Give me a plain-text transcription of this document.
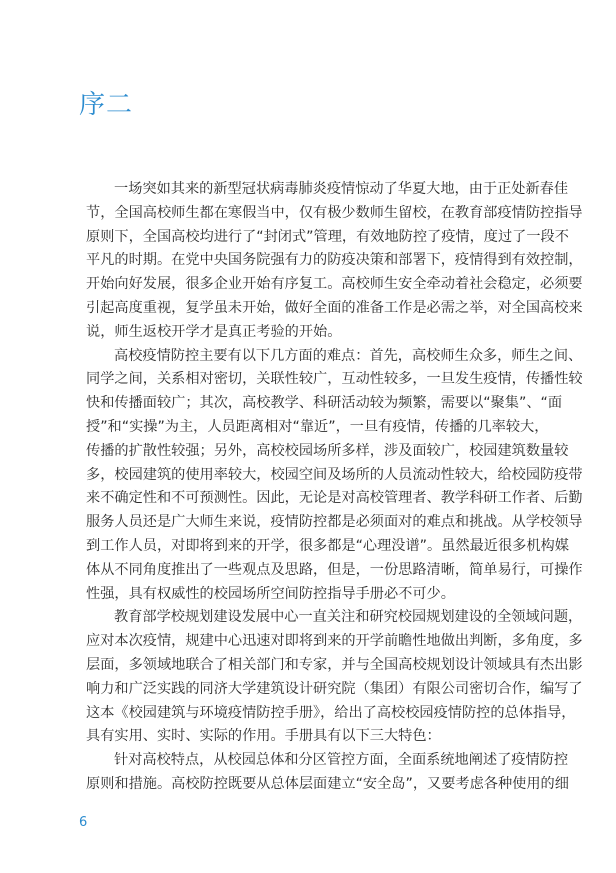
序二
一场突如其来的新型冠状病毒肺炎疫情惊动了华夏大地，由于正处新春佳
节，全国高校师生都在寒假当中，仅有极少数师生留校，在教育部疫情防控指导
原则下，全国高校均进行了“封闭式”管理，有效地防控了疫情，度过了一段不
平凡的时期。在党中央国务院强有力的防疫决策和部署下，疫情得到有效控制，
开始向好发展，很多企业开始有序复工。高校师生安全牵动着社会稳定，必须要
引起高度重视，复学虽未开始，做好全面的准备工作是必需之举，对全国高校来
说，师生返校开学才是真正考验的开始。
高校疫情防控主要有以下几方面的难点：首先，高校师生众多，师生之间、
同学之间，关系相对密切，关联性较广，互动性较多，一旦发生疫情，传播性较
快和传播面较广；其次，高校教学、科研活动较为频繁，需要以“聚集”、“面
授”和“实操”为主，人员距离相对“靠近”，一旦有疫情，传播的几率较大，
传播的扩散性较强；另外，高校校园场所多样，涉及面较广，校园建筑数量较
多，校园建筑的使用率较大，校园空间及场所的人员流动性较大，给校园防疫带
来不确定性和不可预测性。因此，无论是对高校管理者、教学科研工作者、后勤
服务人员还是广大师生来说，疫情防控都是必须面对的难点和挑战。从学校领导
到工作人员，对即将到来的开学，很多都是“心理没谱”。虽然最近很多机构媒
体从不同角度推出了一些观点及思路，但是，一份思路清晰，简单易行，可操作
性强，具有权威性的校园场所空间防控指导手册必不可少。
教育部学校规划建设发展中心一直关注和研究校园规划建设的全领域问题，
应对本次疫情，规建中心迅速对即将到来的开学前瞻性地做出判断，多角度，多
层面，多领域地联合了相关部门和专家，并与全国高校规划设计领域具有杰出影
响力和广泛实践的同济大学建筑设计研究院（集团）有限公司密切合作，编写了
这本《校园建筑与环境疫情防控手册》，给出了高校校园疫情防控的总体指导，
具有实用、实时、实际的作用。手册具有以下三大特色：
针对高校特点，从校园总体和分区管控方面，全面系统地阐述了疫情防控
原则和措施。高校防控既要从总体层面建立“安全岛”，又要考虑各种使用的细
6
